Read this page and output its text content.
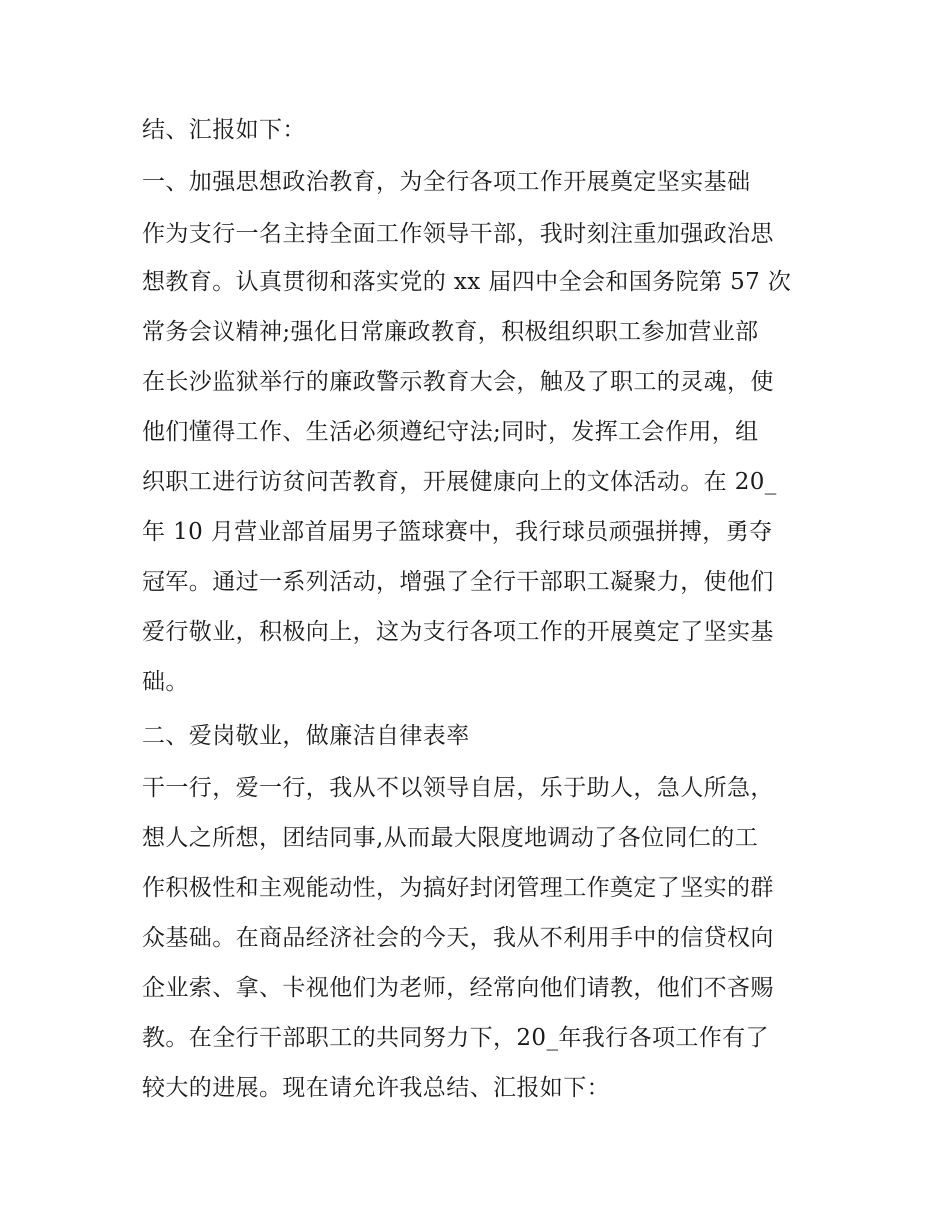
结、汇报如下：
一、加强思想政治教育，为全行各项工作开展奠定坚实基础
作为支行一名主持全面工作领导干部，我时刻注重加强政治思
想教育。认真贯彻和落实党的 xx 届四中全会和国务院第 57 次
常务会议精神;强化日常廉政教育，积极组织职工参加营业部
在长沙监狱举行的廉政警示教育大会，触及了职工的灵魂，使
他们懂得工作、生活必须遵纪守法;同时，发挥工会作用，组
织职工进行访贫问苦教育，开展健康向上的文体活动。在 20_
年 10 月营业部首届男子篮球赛中，我行球员顽强拼搏，勇夺
冠军。通过一系列活动，增强了全行干部职工凝聚力，使他们
爱行敬业，积极向上，这为支行各项工作的开展奠定了坚实基
础。
二、爱岗敬业，做廉洁自律表率
干一行，爱一行，我从不以领导自居，乐于助人，急人所急，
想人之所想，团结同事,从而最大限度地调动了各位同仁的工
作积极性和主观能动性，为搞好封闭管理工作奠定了坚实的群
众基础。在商品经济社会的今天，我从不利用手中的信贷权向
企业索、拿、卡视他们为老师，经常向他们请教，他们不吝赐
教。在全行干部职工的共同努力下，20_年我行各项工作有了
较大的进展。现在请允许我总结、汇报如下：
